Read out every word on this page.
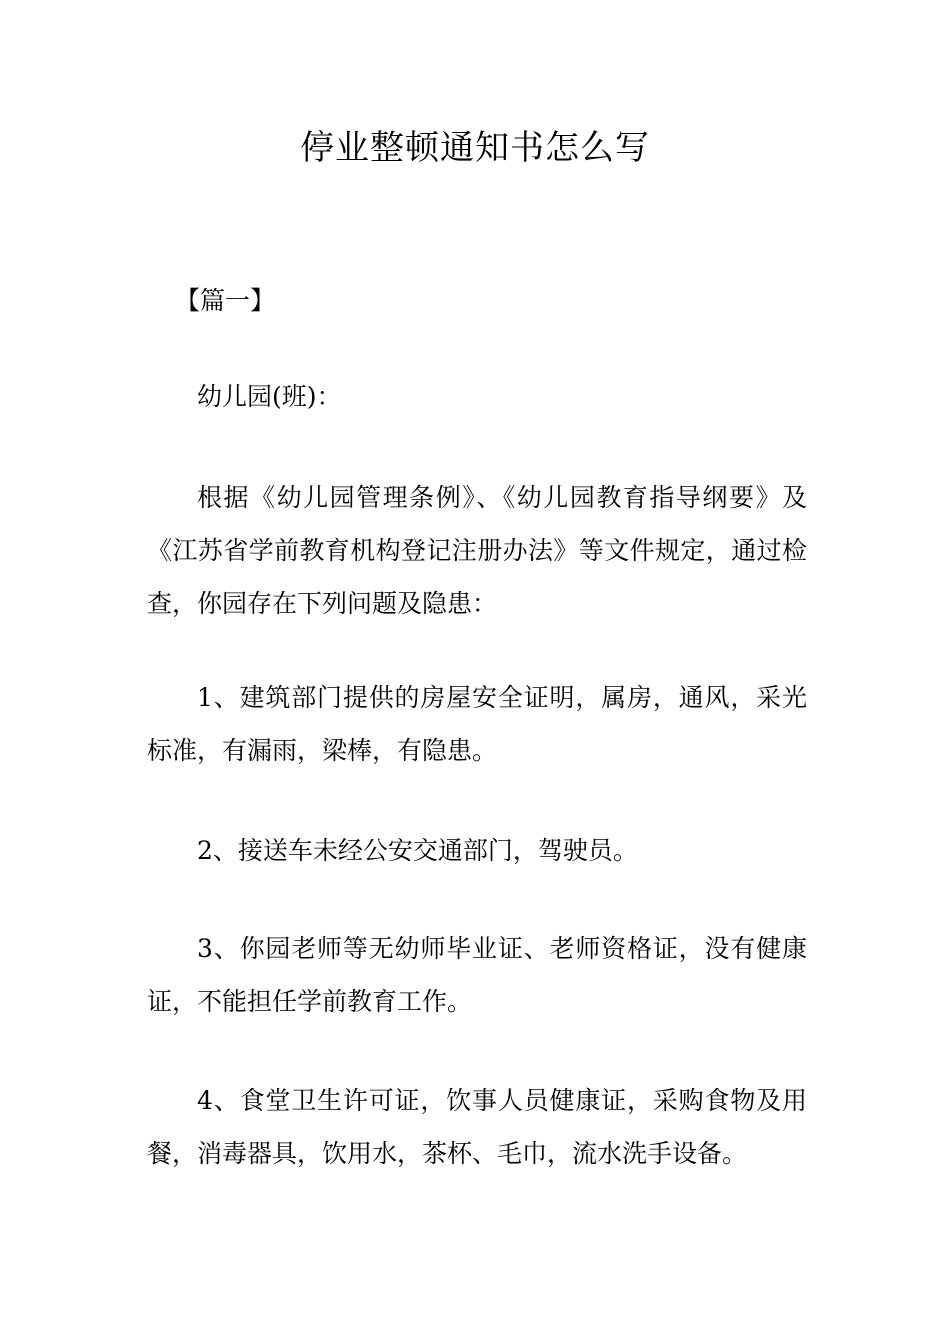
停业整顿通知书怎么写
【篇一】
幼儿园(班)：

根据《幼儿园管理条例》、《幼儿园教育指导纲要》及《江苏省学前教育机构登记注册办法》等文件规定，通过检查，你园存在下列问题及隐患：

1、建筑部门提供的房屋安全证明，属房，通风，采光标准，有漏雨，梁棒，有隐患。

2、接送车未经公安交通部门，驾驶员。

3、你园老师等无幼师毕业证、老师资格证，没有健康证，不能担任学前教育工作。

4、食堂卫生许可证，饮事人员健康证，采购食物及用餐，消毒器具，饮用水，茶杯、毛巾，流水洗手设备。
